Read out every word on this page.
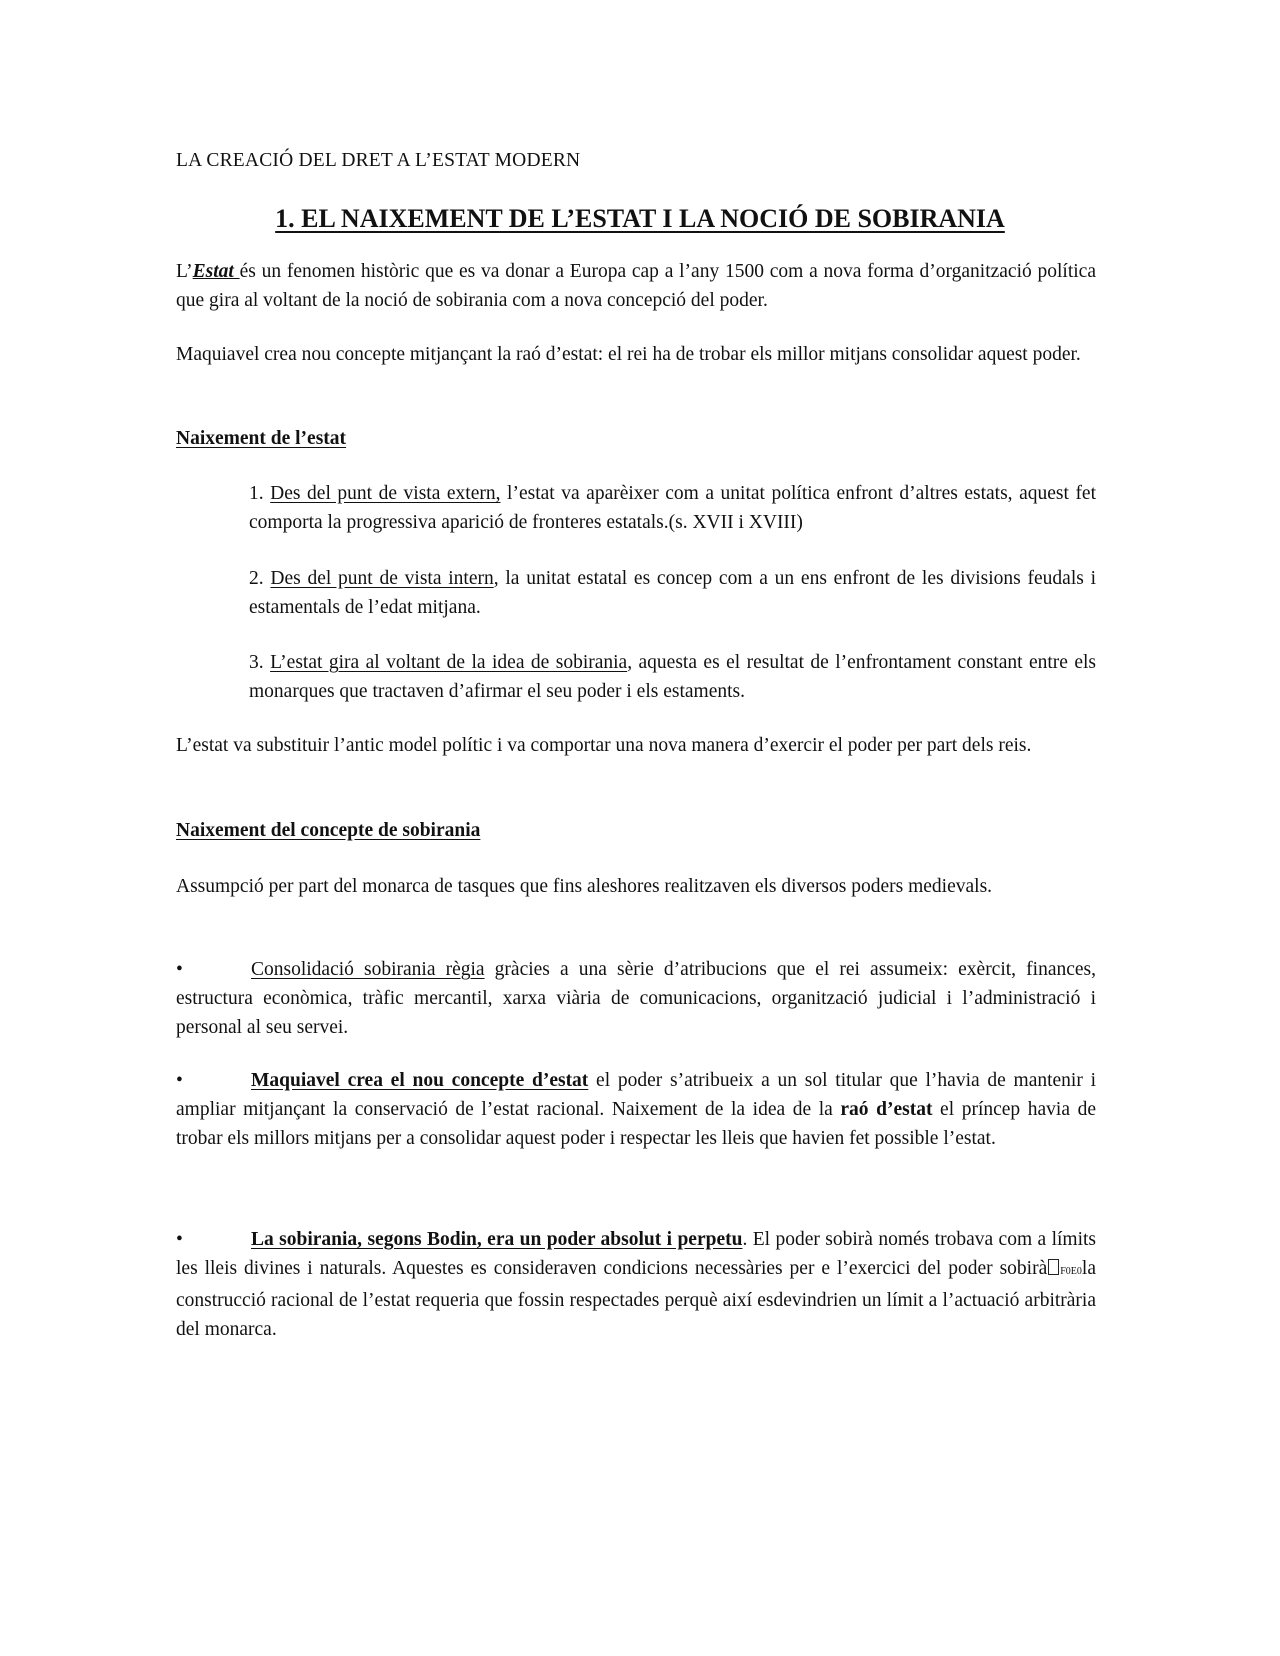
LA CREACIÓ DEL DRET A L’ESTAT MODERN

1. EL NAIXEMENT DE L’ESTAT I LA NOCIÓ DE SOBIRANIA

L’Estat és un fenomen històric que es va donar a Europa cap a l’any 1500 com a nova forma d’organització política que gira al voltant de la noció de sobirania com a nova concepció del poder.

Maquiavel crea nou concepte mitjançant la raó d’estat: el rei ha de trobar els millor mitjans consolidar aquest poder.

Naixement de l’estat

1. Des del punt de vista extern, l’estat va aparèixer com a unitat política enfront d’altres estats, aquest fet comporta la progressiva aparició de fronteres estatals.(s. XVII i XVIII)

2. Des del punt de vista intern, la unitat estatal es concep com a un ens enfront de les divisions feudals i estamentals de l’edat mitjana.

3. L’estat gira al voltant de la idea de sobirania, aquesta es el resultat de l’enfrontament constant entre els monarques que tractaven d’afirmar el seu poder i els estaments.

L’estat va substituir l’antic model polític i va comportar una nova manera d’exercir el poder per part dels reis.

Naixement del concepte de sobirania

Assumpció per part del monarca de tasques que fins aleshores realitzaven els diversos poders medievals.

•	Consolidació sobirania règia gràcies a una sèrie d’atribucions que el rei assumeix: exèrcit, finances, estructura econòmica, tràfic mercantil, xarxa viària de comunicacions, organització judicial i l’administració i personal al seu servei.

•	Maquiavel crea el nou concepte d’estat el poder s’atribueix a un sol titular que l’havia de mantenir i ampliar mitjançant la conservació de l’estat racional. Naixement de la idea de la raó d’estat el príncep havia de trobar els millors mitjans per a consolidar aquest poder i respectar les lleis que havien fet possible l’estat.

•	La sobirania, segons Bodin, era un poder absolut i perpetu. El poder sobirà només trobava com a límits les lleis divines i naturals. Aquestes es consideraven condicions necessàries per e l’exercici del poder sobirà F0E0la construcció racional de l’estat requeria que fossin respectades perquè així esdevindrien un límit a l’actuació arbitrària del monarca.
